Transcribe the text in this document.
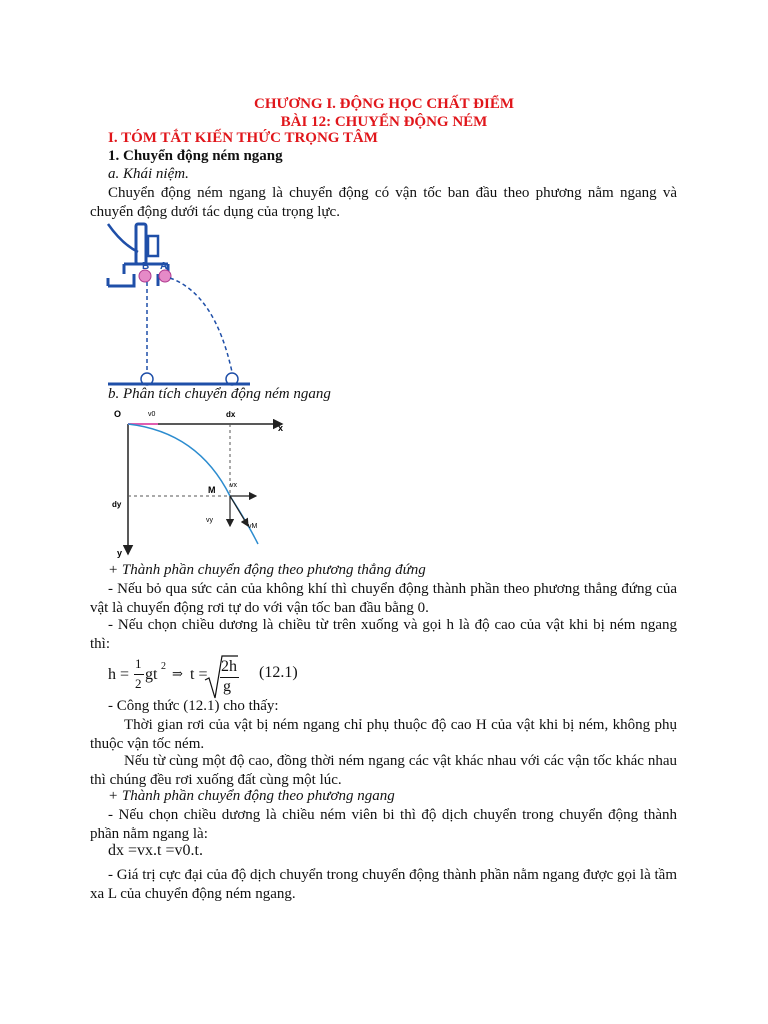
CHƯƠNG I. ĐỘNG HỌC CHẤT ĐIỂM
BÀI 12: CHUYỂN ĐỘNG NÉM
I. TÓM TẮT KIẾN THỨC TRỌNG TÂM
1. Chuyển động ném ngang
a. Khái niệm.
Chuyển động ném ngang là chuyển động có vận tốc ban đầu theo phương nằm ngang và chuyển động dưới tác dụng của trọng lực.
B A
b. Phân tích chuyển động ném ngang
O
x
y
dx
dy
v0
M vx
vy
vM
+ Thành phần chuyển động theo phương thẳng đứng
- Nếu bỏ qua sức cản của không khí thì chuyển động thành phần theo phương thẳng đứng của vật là chuyển động rơi tự do với vận tốc ban đầu bằng 0.
- Nếu chọn chiều dương là chiều từ trên xuống và gọi h là độ cao của vật khi bị ném ngang thì:
h =
1
2
gt 2 ⇒ t = 2h
g
(12.1)
- Công thức (12.1) cho thấy:
Thời gian rơi của vật bị ném ngang chỉ phụ thuộc độ cao H của vật khi bị ném, không phụ thuộc vận tốc ném.
Nếu từ cùng một độ cao, đồng thời ném ngang các vật khác nhau với các vận tốc khác nhau thì chúng đều rơi xuống đất cùng một lúc.
+ Thành phần chuyển động theo phương ngang
- Nếu chọn chiều dương là chiều ném viên bi thì độ dịch chuyển trong chuyển động thành phần nằm ngang là:
dx =vx.t =v0.t.
- Giá trị cực đại của độ dịch chuyển trong chuyển động thành phần nằm ngang được gọi là tầm xa L của chuyển động ném ngang.
